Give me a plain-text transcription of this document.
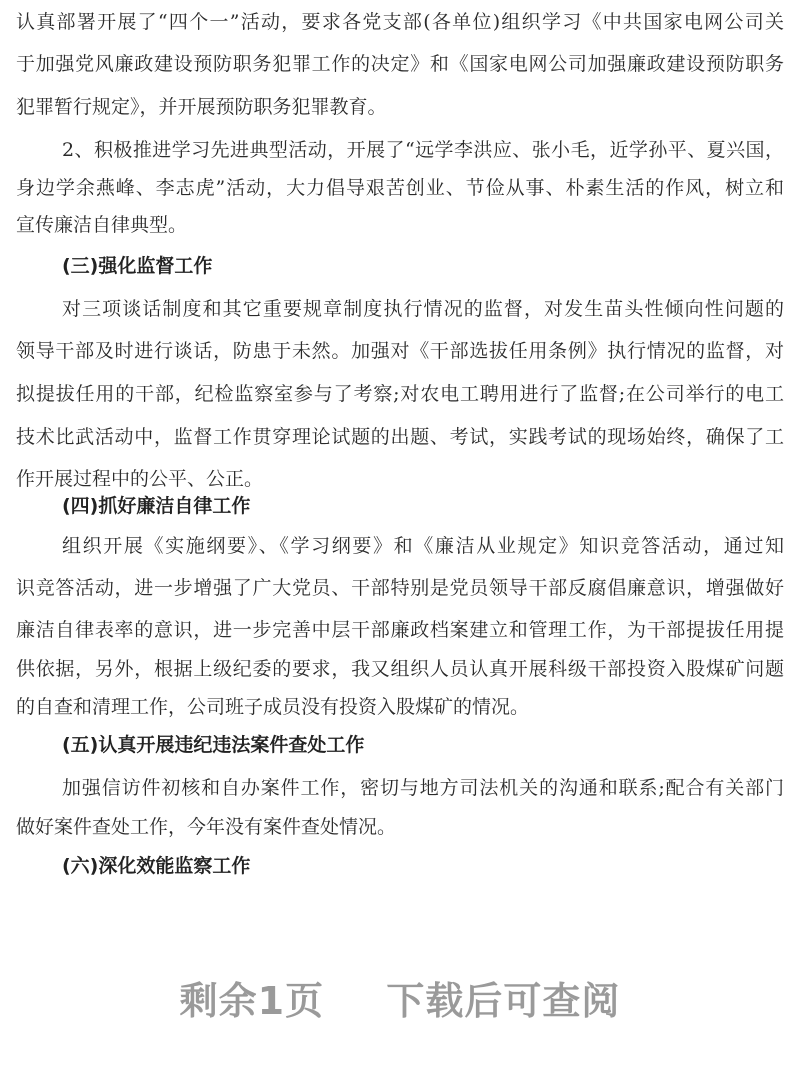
认真部署开展了“四个一”活动，要求各党支部(各单位)组织学习《中共国家电网公司关
于加强党风廉政建设预防职务犯罪工作的决定》和《国家电网公司加强廉政建设预防职务
犯罪暂行规定》，并开展预防职务犯罪教育。
2、积极推进学习先进典型活动，开展了“远学李洪应、张小毛，近学孙平、夏兴国，
身边学余燕峰、李志虎”活动，大力倡导艰苦创业、节俭从事、朴素生活的作风，树立和
宣传廉洁自律典型。
(三)强化监督工作
对三项谈话制度和其它重要规章制度执行情况的监督，对发生苗头性倾向性问题的
领导干部及时进行谈话，防患于未然。加强对《干部选拔任用条例》执行情况的监督，对
拟提拔任用的干部，纪检监察室参与了考察;对农电工聘用进行了监督;在公司举行的电工
技术比武活动中，监督工作贯穿理论试题的出题、考试，实践考试的现场始终，确保了工
作开展过程中的公平、公正。
(四)抓好廉洁自律工作
组织开展《实施纲要》、《学习纲要》和《廉洁从业规定》知识竞答活动，通过知
识竞答活动，进一步增强了广大党员、干部特别是党员领导干部反腐倡廉意识，增强做好
廉洁自律表率的意识，进一步完善中层干部廉政档案建立和管理工作，为干部提拔任用提
供依据，另外，根据上级纪委的要求，我又组织人员认真开展科级干部投资入股煤矿问题
的自查和清理工作，公司班子成员没有投资入股煤矿的情况。
(五)认真开展违纪违法案件查处工作
加强信访件初核和自办案件工作，密切与地方司法机关的沟通和联系;配合有关部门
做好案件查处工作，今年没有案件查处情况。
(六)深化效能监察工作
剩余1页 下载后可查阅
